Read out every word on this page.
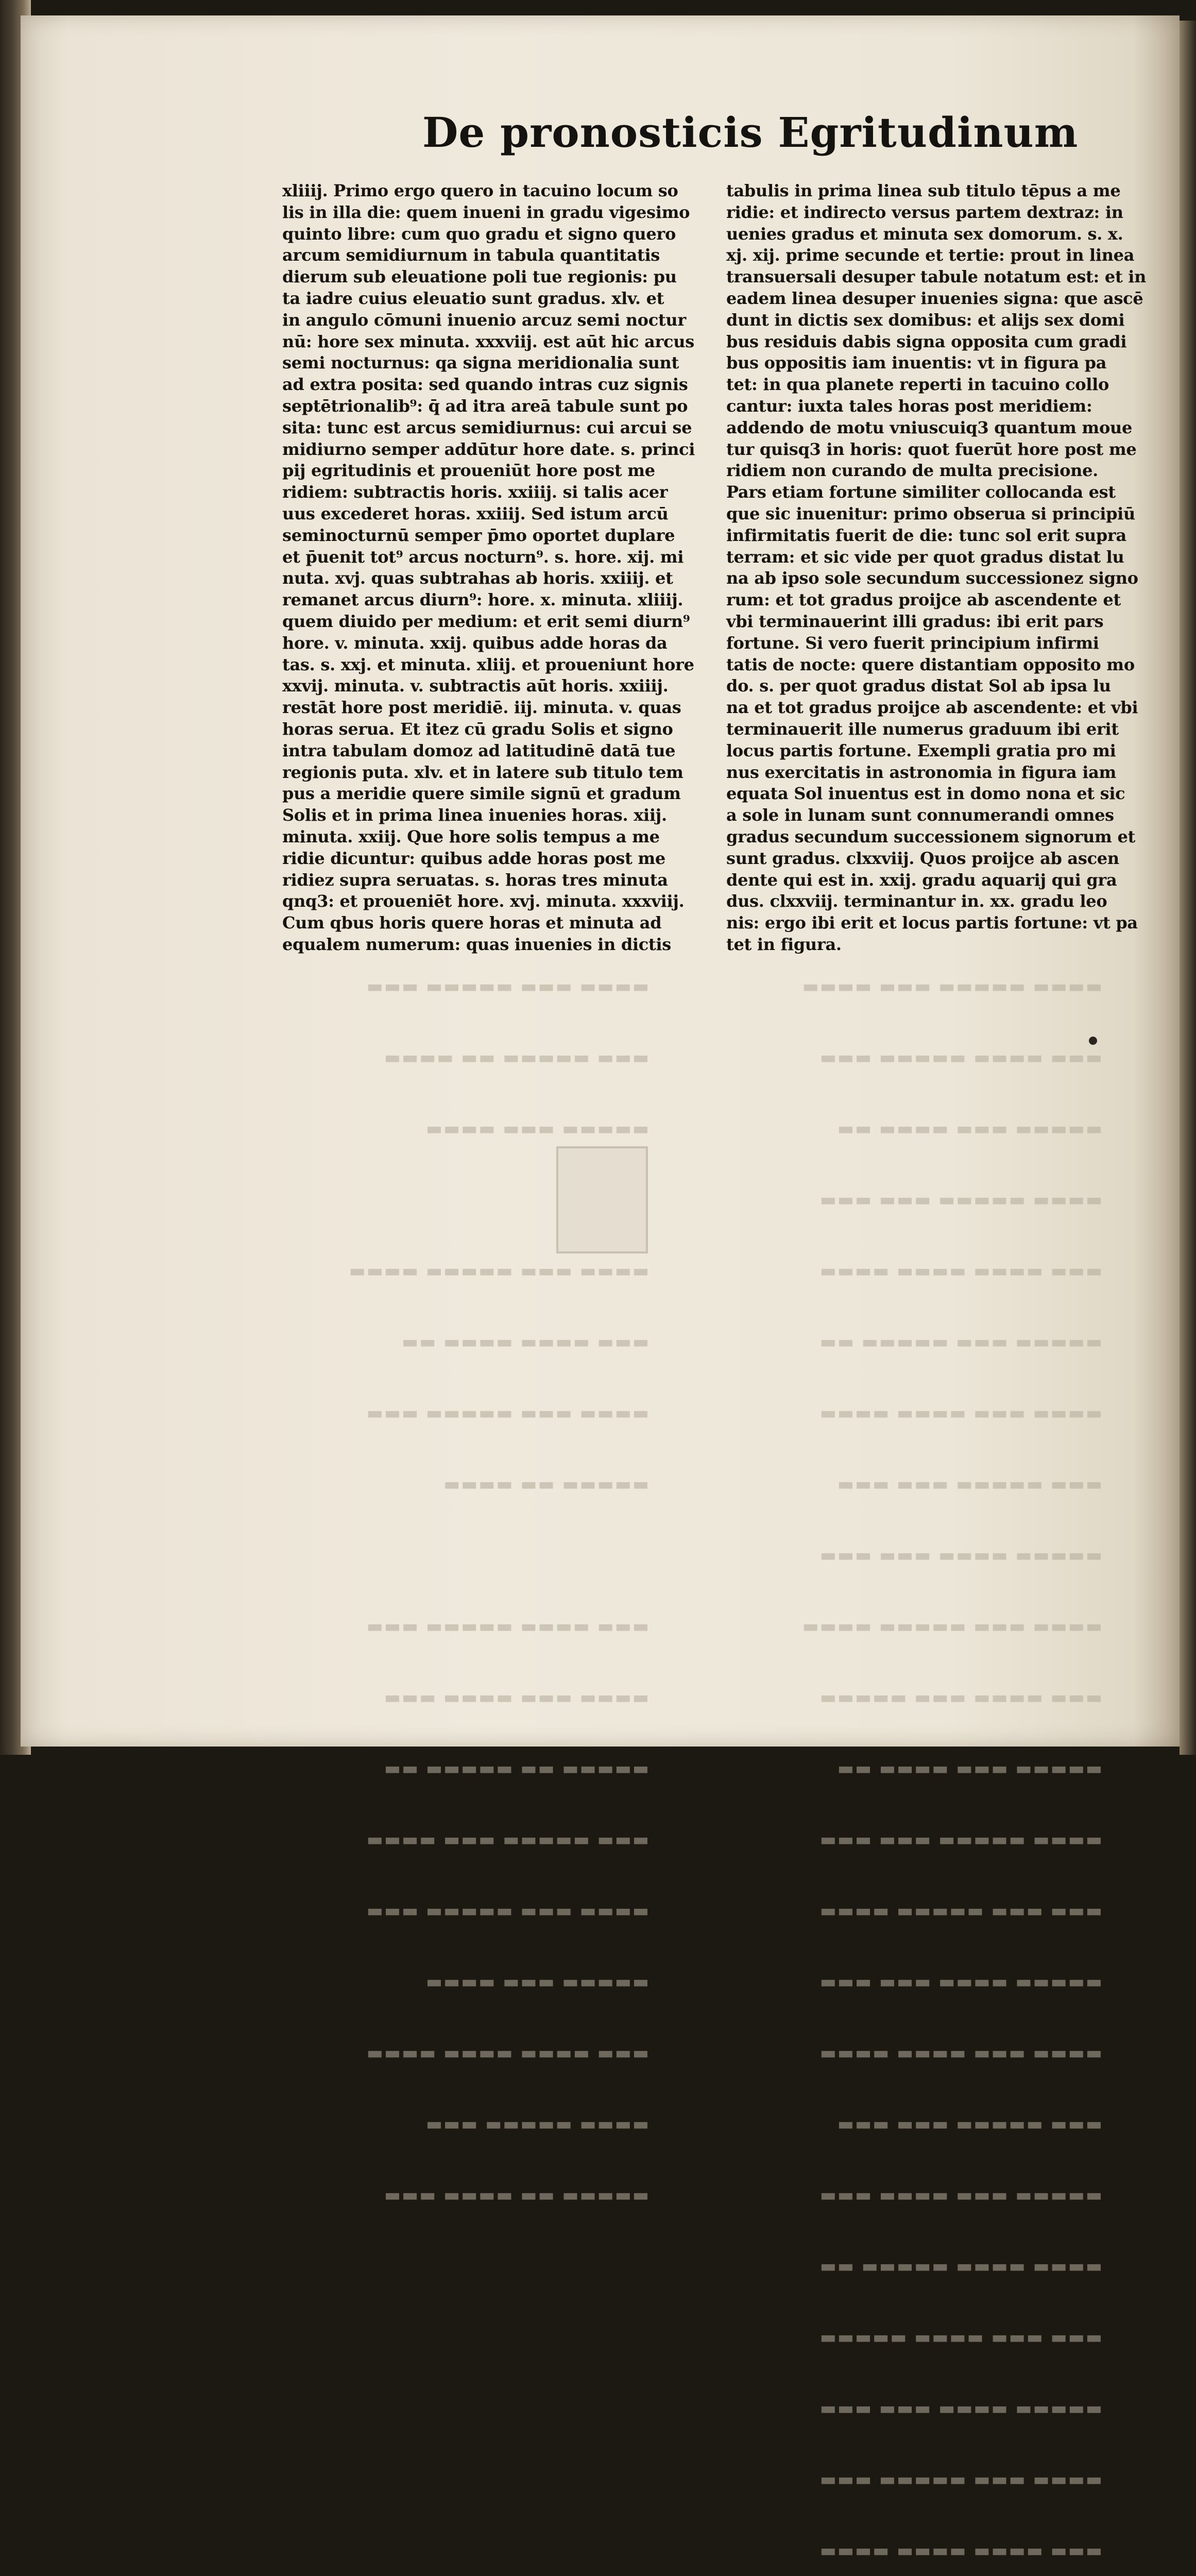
▬▬▬▬ ▬▬▬ ▬▬▬▬▬ ▬▬▬

▬▬▬ ▬▬▬▬▬ ▬▬ ▬▬▬▬

▬▬▬▬▬ ▬▬▬ ▬▬▬▬

▬▬▬▬ ▬▬▬ ▬▬▬▬▬ ▬▬▬▬

▬▬▬ ▬▬▬▬ ▬▬▬▬ ▬▬

▬▬▬▬ ▬▬▬ ▬▬▬▬▬ ▬▬▬

▬▬▬▬▬ ▬▬ ▬▬▬▬

▬▬▬ ▬▬▬▬ ▬▬▬▬▬ ▬▬▬

▬▬▬▬ ▬▬▬ ▬▬▬▬ ▬▬▬

▬▬▬▬▬ ▬▬ ▬▬▬▬▬ ▬▬

▬▬▬ ▬▬▬▬▬ ▬▬▬ ▬▬▬▬

▬▬▬▬ ▬▬▬ ▬▬▬▬▬ ▬▬▬

▬▬▬▬▬ ▬▬▬ ▬▬▬▬

▬▬▬ ▬▬▬▬ ▬▬▬▬ ▬▬▬▬

▬▬▬▬ ▬▬▬▬▬ ▬▬▬

▬▬▬▬▬ ▬▬ ▬▬▬▬ ▬▬▬

▬▬▬▬ ▬▬▬▬▬ ▬▬▬ ▬▬▬▬

▬▬▬ ▬▬▬▬ ▬▬▬▬▬ ▬▬▬

▬▬▬▬▬ ▬▬▬ ▬▬▬▬ ▬▬

▬▬▬▬ ▬▬▬▬▬ ▬▬▬ ▬▬▬

▬▬▬ ▬▬▬▬ ▬▬▬▬ ▬▬▬▬

▬▬▬▬▬ ▬▬▬ ▬▬▬▬▬ ▬▬

▬▬▬▬ ▬▬▬ ▬▬▬▬ ▬▬▬▬

▬▬▬ ▬▬▬▬▬ ▬▬▬ ▬▬▬

▬▬▬▬▬ ▬▬▬▬ ▬▬▬ ▬▬▬

▬▬▬▬ ▬▬▬ ▬▬▬▬▬ ▬▬▬▬

▬▬▬ ▬▬▬▬ ▬▬▬ ▬▬▬▬▬

▬▬▬▬▬ ▬▬▬ ▬▬▬▬ ▬▬

▬▬▬▬ ▬▬▬▬▬ ▬▬▬ ▬▬▬

▬▬▬ ▬▬▬ ▬▬▬▬▬ ▬▬▬▬

▬▬▬▬▬ ▬▬▬▬ ▬▬▬ ▬▬▬

▬▬▬▬ ▬▬▬ ▬▬▬▬ ▬▬▬▬

▬▬▬ ▬▬▬▬▬ ▬▬▬ ▬▬▬

▬▬▬▬▬ ▬▬▬ ▬▬▬▬ ▬▬▬

▬▬▬▬ ▬▬▬▬ ▬▬▬▬▬ ▬▬

▬▬▬ ▬▬▬ ▬▬▬▬ ▬▬▬▬▬

▬▬▬▬▬ ▬▬▬▬ ▬▬▬ ▬▬▬

▬▬▬▬ ▬▬▬ ▬▬▬▬▬ ▬▬▬

▬▬▬ ▬▬▬▬ ▬▬▬▬ ▬▬▬▬

De pronosticis Egritudinum
xliiij. Primo ergo quero in tacuino locum so
lis in illa die: quem inueni in gradu vigesimo
quinto libre: cum quo gradu et signo quero
arcum semidiurnum in tabula quantitatis
dierum sub eleuatione poli tue regionis: pu
ta iadre cuius eleuatio sunt gradus. xlv. et
in angulo cōmuni inuenio arcuz semi noctur
nū: hore sex minuta. xxxviij. est aūt hic arcus
semi nocturnus: qa signa meridionalia sunt
ad extra posita: sed quando intras cuz signis
septētrionalib⁹: q̄ ad itra areā tabule sunt po
sita: tunc est arcus semidiurnus: cui arcui se
midiurno semper addūtur hore date. s. princi
pij egritudinis et proueniūt hore post me
ridiem: subtractis horis. xxiiij. si talis acer
uus excederet horas. xxiiij. Sed istum arcū
seminocturnū semper p̄mo oportet duplare
et p̄uenit tot⁹ arcus nocturn⁹. s. hore. xij. mi
nuta. xvj. quas subtrahas ab horis. xxiiij. et
remanet arcus diurn⁹: hore. x. minuta. xliiij.
quem diuido per medium: et erit semi diurn⁹
hore. v. minuta. xxij. quibus adde horas da
tas. s. xxj. et minuta. xliij. et proueniunt hore
xxvij. minuta. v. subtractis aūt horis. xxiiij.
restāt hore post meridiē. iij. minuta. v. quas
horas serua. Et itez cū gradu Solis et signo
intra tabulam domoz ad latitudinē datā tue
regionis puta. xlv. et in latere sub titulo tem
pus a meridie quere simile signū et gradum
Solis et in prima linea inuenies horas. xiij.
minuta. xxiij. Que hore solis tempus a me
ridie dicuntur: quibus adde horas post me
ridiez supra seruatas. s. horas tres minuta
qnq3: et proueniēt hore. xvj. minuta. xxxviij.
Cum qbus horis quere horas et minuta ad
equalem numerum: quas inuenies in dictis
tabulis in prima linea sub titulo tēpus a me
ridie: et indirecto versus partem dextraz: in
uenies gradus et minuta sex domorum. s. x.
xj. xij. prime secunde et tertie: prout in linea
transuersali desuper tabule notatum est: et in
eadem linea desuper inuenies signa: que ascē
dunt in dictis sex domibus: et alijs sex domi
bus residuis dabis signa opposita cum gradi
bus oppositis iam inuentis: vt in figura pa
tet: in qua planete reperti in tacuino collo
cantur: iuxta tales horas post meridiem:
addendo de motu vniuscuiq3 quantum moue
tur quisq3 in horis: quot fuerūt hore post me
ridiem non curando de multa precisione.
Pars etiam fortune similiter collocanda est
que sic inuenitur: primo obserua si principiū
infirmitatis fuerit de die: tunc sol erit supra
terram: et sic vide per quot gradus distat lu
na ab ipso sole secundum successionez signo
rum: et tot gradus proijce ab ascendente et
vbi terminauerint illi gradus: ibi erit pars
fortune. Si vero fuerit principium infirmi
tatis de nocte: quere distantiam opposito mo
do. s. per quot gradus distat Sol ab ipsa lu
na et tot gradus proijce ab ascendente: et vbi
terminauerit ille numerus graduum ibi erit
locus partis fortune. Exempli gratia pro mi
nus exercitatis in astronomia in figura iam
equata Sol inuentus est in domo nona et sic
a sole in lunam sunt connumerandi omnes
gradus secundum successionem signorum et
sunt gradus. clxxviij. Quos proijce ab ascen
dente qui est in. xxij. gradu aquarij qui gra
dus. clxxviij. terminantur in. xx. gradu leo
nis: ergo ibi erit et locus partis fortune: vt pa
tet in figura.
